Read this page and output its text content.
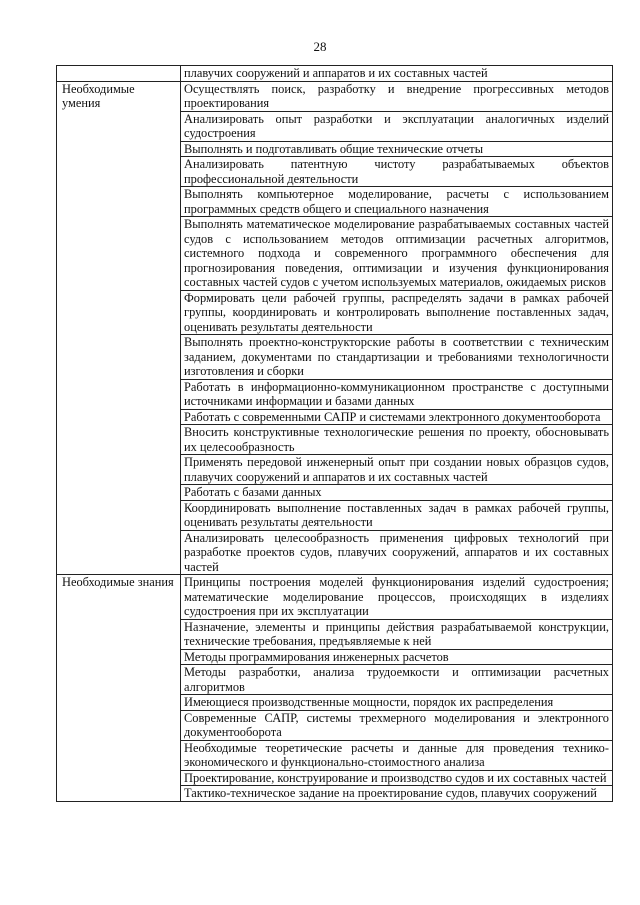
28
	плавучих сооружений и аппаратов и их составных частей
Необходимые умения	Осуществлять поиск, разработку и внедрение прогрессивных методов проектирования
	Анализировать опыт разработки и эксплуатации аналогичных изделий судостроения
	Выполнять и подготавливать общие технические отчеты
	Анализировать патентную чистоту разрабатываемых объектов профессиональной деятельности
	Выполнять компьютерное моделирование, расчеты с использованием программных средств общего и специального назначения
	Выполнять математическое моделирование разрабатываемых составных частей судов с использованием методов оптимизации расчетных алгоритмов, системного подхода и современного программного обеспечения для прогнозирования поведения, оптимизации и изучения функционирования составных частей судов с учетом используемых материалов, ожидаемых рисков
	Формировать цели рабочей группы, распределять задачи в рамках рабочей группы, координировать и контролировать выполнение поставленных задач, оценивать результаты деятельности
	Выполнять проектно-конструкторские работы в соответствии с техническим заданием, документами по стандартизации и требованиями технологичности изготовления и сборки
	Работать в информационно-коммуникационном пространстве с доступными источниками информации и базами данных
	Работать с современными САПР и системами электронного документооборота
	Вносить конструктивные технологические решения по проекту, обосновывать их целесообразность
	Применять передовой инженерный опыт при создании новых образцов судов, плавучих сооружений и аппаратов и их составных частей
	Работать с базами данных
	Координировать выполнение поставленных задач в рамках рабочей группы, оценивать результаты деятельности
	Анализировать целесообразность применения цифровых технологий при разработке проектов судов, плавучих сооружений, аппаратов и их составных частей
Необходимые знания	Принципы построения моделей функционирования изделий судостроения; математические моделирование процессов, происходящих в изделиях судостроения при их эксплуатации
	Назначение, элементы и принципы действия разрабатываемой конструкции, технические требования, предъявляемые к ней
	Методы программирования инженерных расчетов
	Методы разработки, анализа трудоемкости и оптимизации расчетных алгоритмов
	Имеющиеся производственные мощности, порядок их распределения
	Современные САПР, системы трехмерного моделирования и электронного документооборота
	Необходимые теоретические расчеты и данные для проведения технико-экономического и функционально-стоимостного анализа
	Проектирование, конструирование и производство судов и их составных частей
	Тактико-техническое задание на проектирование судов, плавучих сооружений
